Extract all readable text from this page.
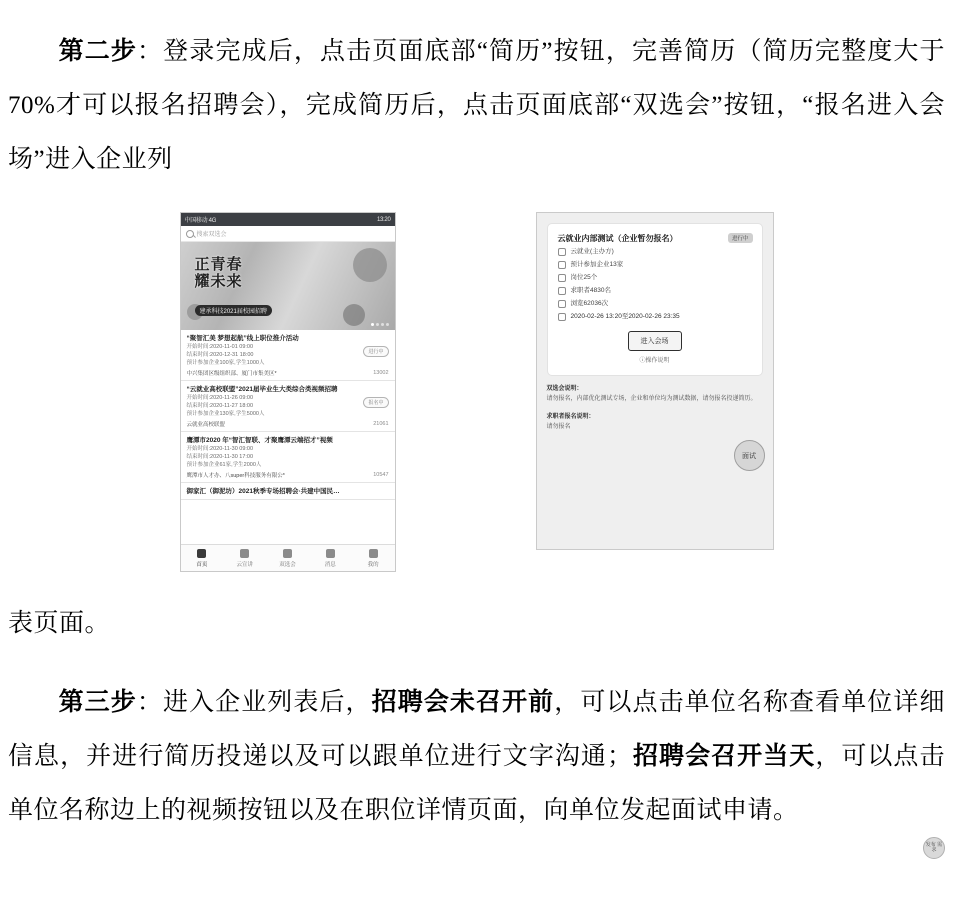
第二步：登录完成后，点击页面底部“简历”按钮，完善简历（简历完整度大于 70%才可以报名招聘会），完成简历后，点击页面底部“双选会”按钮，“报名进入会场”进入企业列

中国移动 4G	13:20
搜索双选会
正青春
耀未来
建承科技2021届校园招聘
“聚智汇美 梦想起航”线上职位推介活动
进行中
开始时间:2020-11-01 09:00
结束时间:2020-12-31 18:00
预计参加企业100家,学生1000人
中兴集团区级组织部、厦门市集美区*	13002
“云就业高校联盟”2021届毕业生大类综合类视频招聘
报名中
开始时间:2020-11-26 09:00
结束时间:2020-11-27 18:00
预计参加企业130家,学生5000人
云就业高校联盟	21061
鹰潭市2020 年“智汇智联、才聚鹰潭云端招才”视频
开始时间:2020-11-30 09:00
结束时间:2020-11-30 17:00
预计参加企业61家,学生2000人
鹰潭市人才办、八super科技服务有限公*	10547
御家汇（御泥坊）2021秋季专场招聘会·共建中国民…
发布 需求
首页	云宣讲	双选会	消息	我的
云就业内部测试（企业暂勿报名）	进行中
云就业(主办方)
预计参加企业13家
岗位25个
求职者4830名
浏览62036次
2020-02-26 13:20至2020-02-26 23:35
进入会场
ⓘ操作说明
双选会说明：
请勿报名，内部优化测试专场，企业和单位均为测试数据，请勿报名投递简历。
求职者报名说明：
请勿报名
面试

表页面。

第三步：进入企业列表后，招聘会未召开前，可以点击单位名称查看单位详细信息，并进行简历投递以及可以跟单位进行文字沟通；招聘会召开当天，可以点击单位名称边上的视频按钮以及在职位详情页面，向单位发起面试申请。
